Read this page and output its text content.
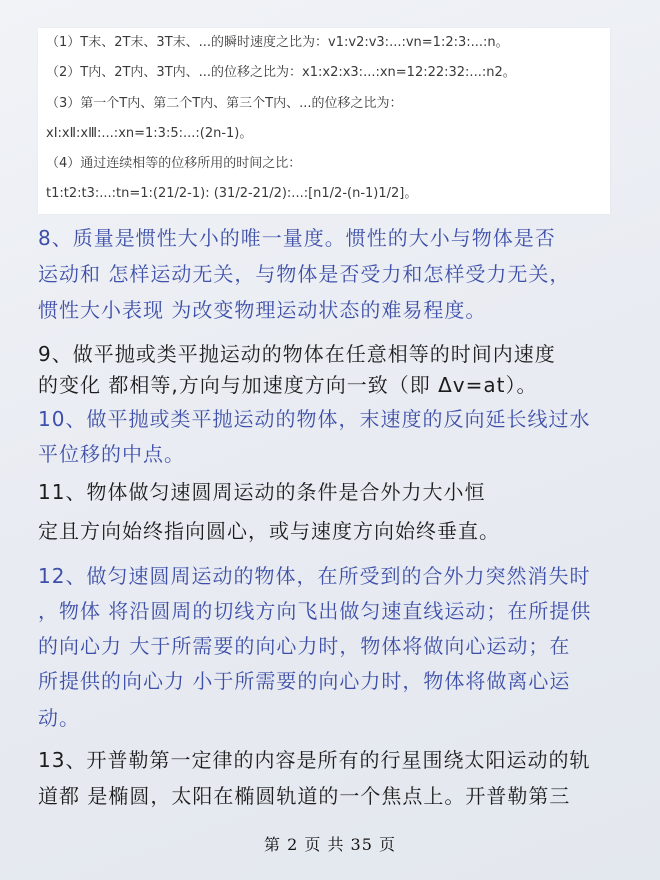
（1）T末、2T末、3T末、...的瞬时速度之比为：v1:v2:v3:...:vn=1:2:3:...:n。
（2）T内、2T内、3T内、...的位移之比为：x1:x2:x3:...:xn=12:22:32:...:n2。
（3）第一个T内、第二个T内、第三个T内、...的位移之比为：
xⅠ:xⅡ:xⅢ:...:xn=1:3:5:...:(2n-1)。
（4）通过连续相等的位移所用的时间之比：
t1:t2:t3:...:tn=1:(21/2-1): (31/2-21/2):...:[n1/2-(n-1)1/2]。
8、质量是惯性大小的唯一量度。惯性的大小与物体是否
运动和 怎样运动无关，与物体是否受力和怎样受力无关，
惯性大小表现 为改变物理运动状态的难易程度。
9、做平抛或类平抛运动的物体在任意相等的时间内速度
的变化 都相等,方向与加速度方向一致（即 Δv=at）。
10、做平抛或类平抛运动的物体，末速度的反向延长线过水
平位移的中点。
11、物体做匀速圆周运动的条件是合外力大小恒
定且方向始终指向圆心，或与速度方向始终垂直。
12、做匀速圆周运动的物体，在所受到的合外力突然消失时
，物体 将沿圆周的切线方向飞出做匀速直线运动；在所提供
的向心力 大于所需要的向心力时，物体将做向心运动；在
所提供的向心力 小于所需要的向心力时，物体将做离心运
动。
13、开普勒第一定律的内容是所有的行星围绕太阳运动的轨
道都 是椭圆，太阳在椭圆轨道的一个焦点上。开普勒第三
第 2 页 共 35 页
